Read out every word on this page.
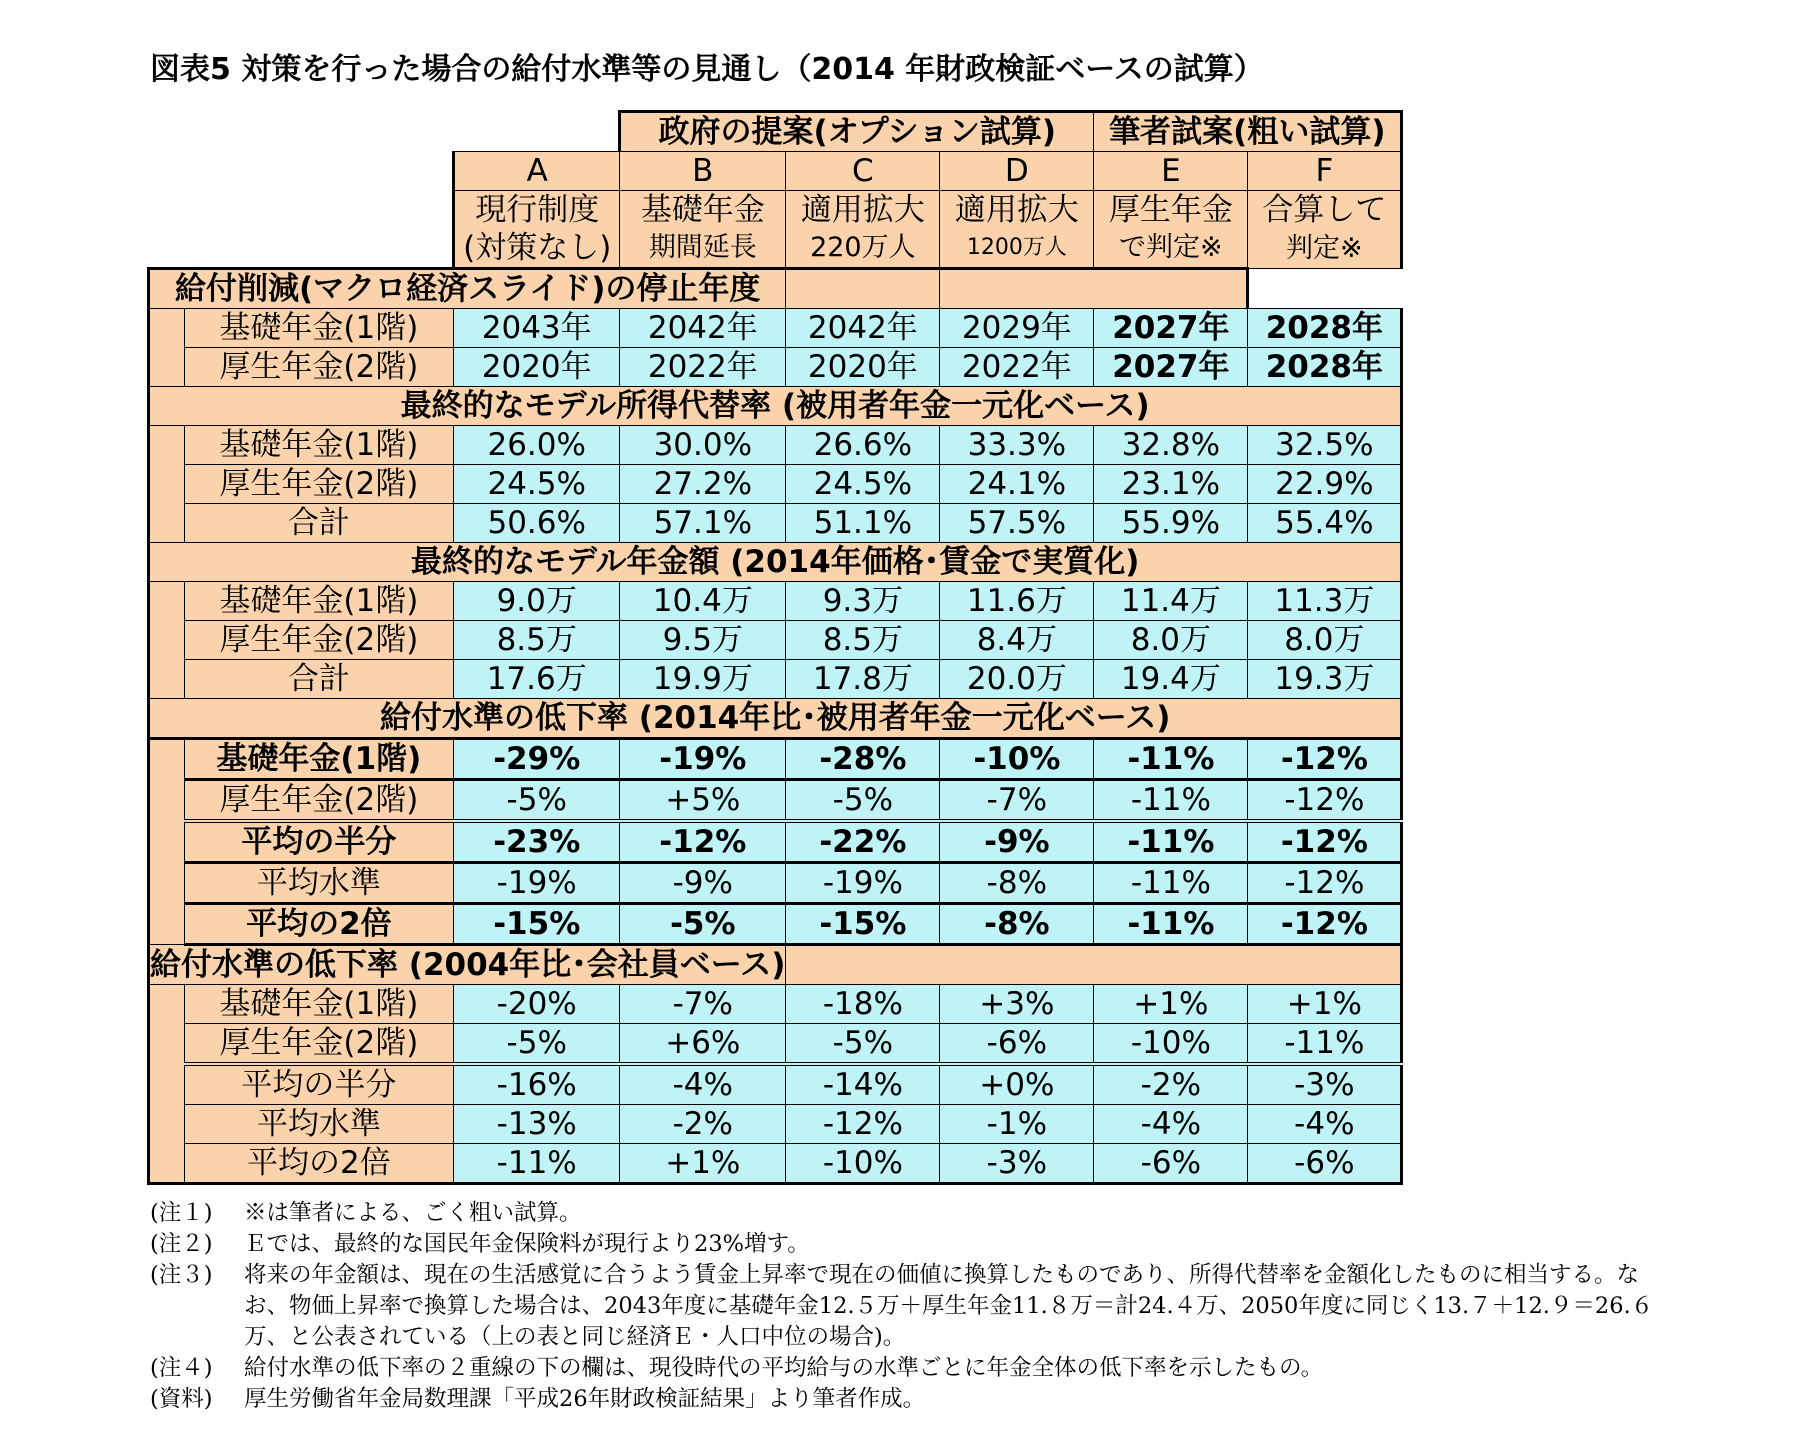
図表5 対策を行った場合の給付水準等の見通し（2014 年財政検証ベースの試算）
			政府の提案(オプション試算)			筆者試案(粗い試算)	
		A	B	C	D	E	F
		現行制度	基礎年金	適用拡大	適用拡大	厚生年金	合算して
		(対策なし)	期間延長	220万人	1200万人	で判定※	判定※
給付削減(マクロ経済スライド)の停止年度							
	基礎年金(1階)	2043年	2042年	2042年	2029年	2027年	2028年
	厚生年金(2階)	2020年	2022年	2020年	2022年	2027年	2028年
最終的なモデル所得代替率 (被用者年金一元化ベース)							
	基礎年金(1階)	26.0%	30.0%	26.6%	33.3%	32.8%	32.5%
	厚生年金(2階)	24.5%	27.2%	24.5%	24.1%	23.1%	22.9%
	合計	50.6%	57.1%	51.1%	57.5%	55.9%	55.4%
最終的なモデル年金額 (2014年価格･賃金で実質化)							
	基礎年金(1階)	9.0万	10.4万	9.3万	11.6万	11.4万	11.3万
	厚生年金(2階)	8.5万	9.5万	8.5万	8.4万	8.0万	8.0万
	合計	17.6万	19.9万	17.8万	20.0万	19.4万	19.3万
給付水準の低下率 (2014年比･被用者年金一元化ベース)							
	基礎年金(1階)	-29%	-19%	-28%	-10%	-11%	-12%
	厚生年金(2階)	-5%	+5%	-5%	-7%	-11%	-12%
	平均の半分	-23%	-12%	-22%	-9%	-11%	-12%
	平均水準	-19%	-9%	-19%	-8%	-11%	-12%
	平均の2倍	-15%	-5%	-15%	-8%	-11%	-12%
給付水準の低下率 (2004年比･会社員ベース)							
	基礎年金(1階)	-20%	-7%	-18%	+3%	+1%	+1%
	厚生年金(2階)	-5%	+6%	-5%	-6%	-10%	-11%
	平均の半分	-16%	-4%	-14%	+0%	-2%	-3%
	平均水準	-13%	-2%	-12%	-1%	-4%	-4%
	平均の2倍	-11%	+1%	-10%	-3%	-6%	-6%
(注１)	※は筆者による、ごく粗い試算。
(注２)	Ｅでは、最終的な国民年金保険料が現行より23%増す。
(注３)	将来の年金額は、現在の生活感覚に合うよう賃金上昇率で現在の価値に換算したものであり、所得代替率を金額化したものに相当する。なお、物価上昇率で換算した場合は、2043年度に基礎年金12.５万＋厚生年金11.８万＝計24.４万、2050年度に同じく13.７＋12.９＝26.６万、と公表されている（上の表と同じ経済Ｅ・人口中位の場合)。
(注４)	給付水準の低下率の２重線の下の欄は、現役時代の平均給与の水準ごとに年金全体の低下率を示したもの。
(資料)	厚生労働省年金局数理課「平成26年財政検証結果」より筆者作成。
